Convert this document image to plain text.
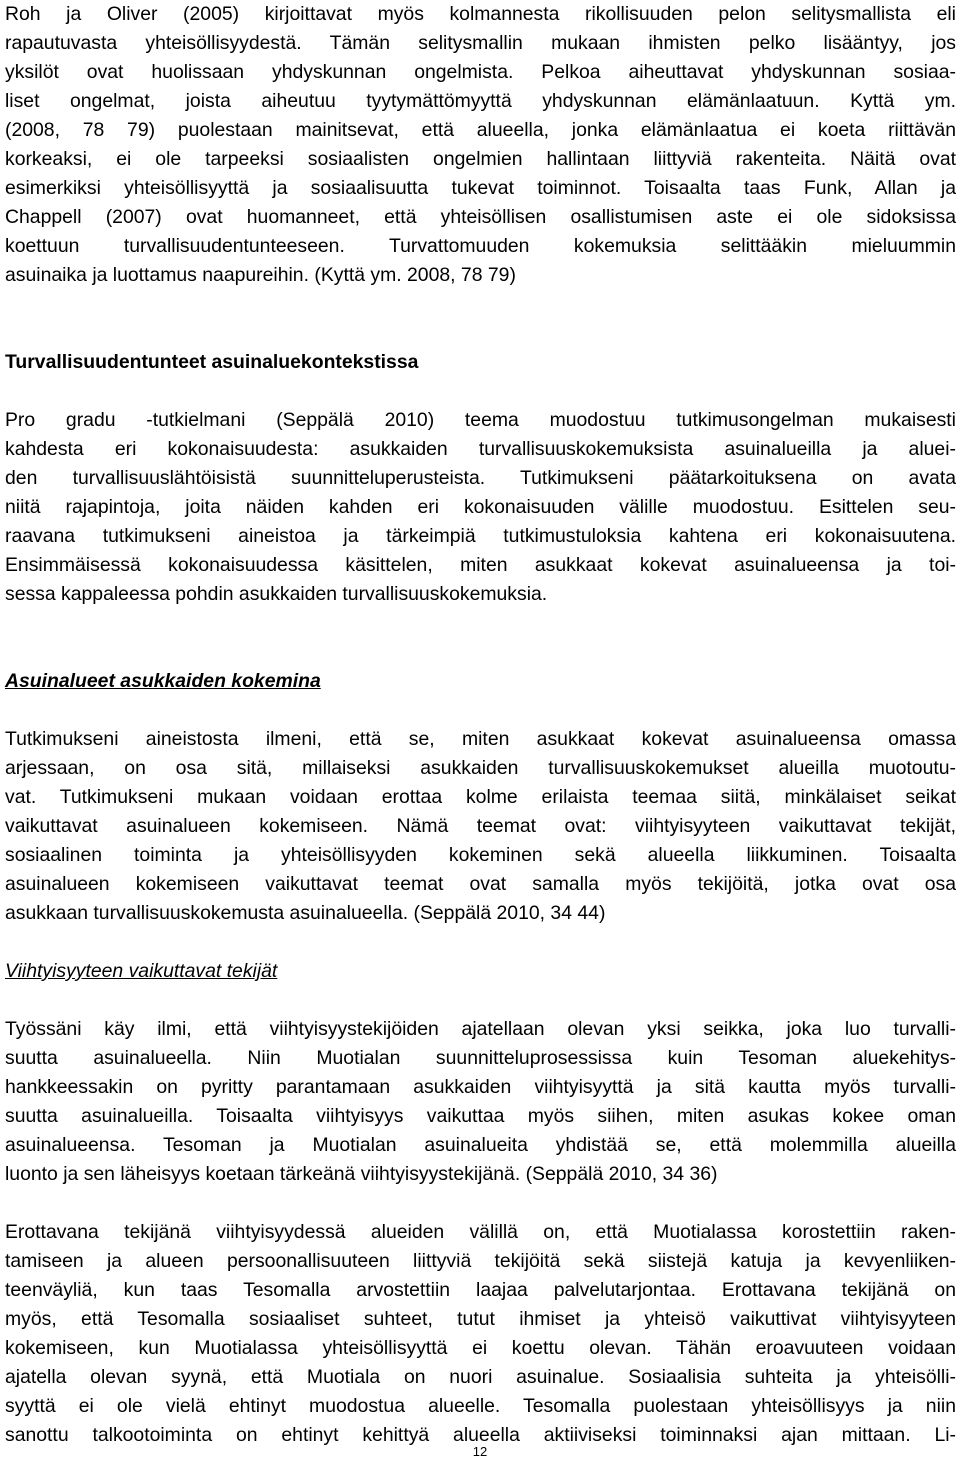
Roh ja Oliver (2005) kirjoittavat myös kolmannesta rikollisuuden pelon selitysmallista eli
rapautuvasta yhteisöllisyydestä. Tämän selitysmallin mukaan ihmisten pelko lisääntyy, jos
yksilöt ovat huolissaan yhdyskunnan ongelmista. Pelkoa aiheuttavat yhdyskunnan sosiaa-
liset ongelmat, joista aiheutuu tyytymättömyyttä yhdyskunnan elämänlaatuun. Kyttä ym.
(2008, 78 79) puolestaan mainitsevat, että alueella, jonka elämänlaatua ei koeta riittävän
korkeaksi, ei ole tarpeeksi sosiaalisten ongelmien hallintaan liittyviä rakenteita. Näitä ovat
esimerkiksi yhteisöllisyyttä ja sosiaalisuutta tukevat toiminnot. Toisaalta taas Funk, Allan ja
Chappell (2007) ovat huomanneet, että yhteisöllisen osallistumisen aste ei ole sidoksissa
koettuun turvallisuudentunteeseen. Turvattomuuden kokemuksia selittääkin mieluummin
asuinaika ja luottamus naapureihin. (Kyttä ym. 2008, 78 79)
Turvallisuudentunteet asuinaluekontekstissa
Pro gradu -tutkielmani (Seppälä 2010) teema muodostuu tutkimusongelman mukaisesti
kahdesta eri kokonaisuudesta: asukkaiden turvallisuuskokemuksista asuinalueilla ja aluei-
den turvallisuuslähtöisistä suunnitteluperusteista. Tutkimukseni päätarkoituksena on avata
niitä rajapintoja, joita näiden kahden eri kokonaisuuden välille muodostuu. Esittelen seu-
raavana tutkimukseni aineistoa ja tärkeimpiä tutkimustuloksia kahtena eri kokonaisuutena.
Ensimmäisessä kokonaisuudessa käsittelen, miten asukkaat kokevat asuinalueensa ja toi-
sessa kappaleessa pohdin asukkaiden turvallisuuskokemuksia.
Asuinalueet asukkaiden kokemina
Tutkimukseni aineistosta ilmeni, että se, miten asukkaat kokevat asuinalueensa omassa
arjessaan, on osa sitä, millaiseksi asukkaiden turvallisuuskokemukset alueilla muotoutu-
vat. Tutkimukseni mukaan voidaan erottaa kolme erilaista teemaa siitä, minkälaiset seikat
vaikuttavat asuinalueen kokemiseen. Nämä teemat ovat: viihtyisyyteen vaikuttavat tekijät,
sosiaalinen toiminta ja yhteisöllisyyden kokeminen sekä alueella liikkuminen. Toisaalta
asuinalueen kokemiseen vaikuttavat teemat ovat samalla myös tekijöitä, jotka ovat osa
asukkaan turvallisuuskokemusta asuinalueella. (Seppälä 2010, 34 44)
Viihtyisyyteen vaikuttavat tekijät
Työssäni käy ilmi, että viihtyisyystekijöiden ajatellaan olevan yksi seikka, joka luo turvalli-
suutta asuinalueella. Niin Muotialan suunnitteluprosessissa kuin Tesoman aluekehitys-
hankkeessakin on pyritty parantamaan asukkaiden viihtyisyyttä ja sitä kautta myös turvalli-
suutta asuinalueilla. Toisaalta viihtyisyys vaikuttaa myös siihen, miten asukas kokee oman
asuinalueensa. Tesoman ja Muotialan asuinalueita yhdistää se, että molemmilla alueilla
luonto ja sen läheisyys koetaan tärkeänä viihtyisyystekijänä. (Seppälä 2010, 34 36)
Erottavana tekijänä viihtyisyydessä alueiden välillä on, että Muotialassa korostettiin raken-
tamiseen ja alueen persoonallisuuteen liittyviä tekijöitä sekä siistejä katuja ja kevyenliiken-
teenväyliä, kun taas Tesomalla arvostettiin laajaa palvelutarjontaa. Erottavana tekijänä on
myös, että Tesomalla sosiaaliset suhteet, tutut ihmiset ja yhteisö vaikuttivat viihtyisyyteen
kokemiseen, kun Muotialassa yhteisöllisyyttä ei koettu olevan. Tähän eroavuuteen voidaan
ajatella olevan syynä, että Muotiala on nuori asuinalue. Sosiaalisia suhteita ja yhteisölli-
syyttä ei ole vielä ehtinyt muodostua alueelle. Tesomalla puolestaan yhteisöllisyys ja niin
sanottu talkootoiminta on ehtinyt kehittyä alueella aktiiviseksi toiminnaksi ajan mittaan. Li-
12
